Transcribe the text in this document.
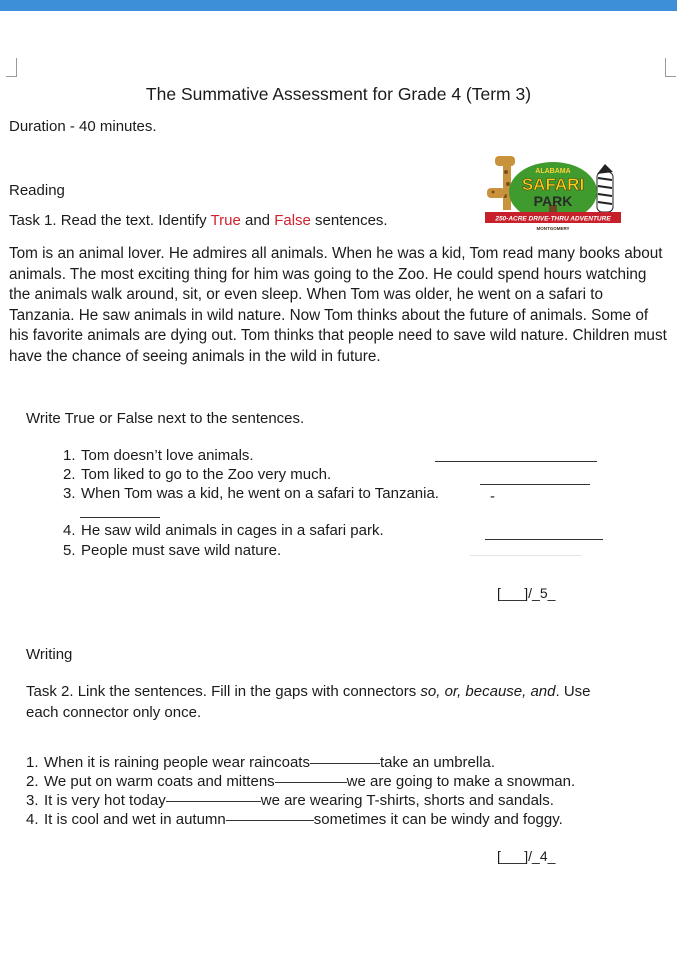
The Summative Assessment for Grade 4 (Term 3)
Duration - 40 minutes.
ALABAMA
SAFARI
PARK
250-ACRE DRIVE-THRU ADVENTURE
MONTGOMERY
Reading
Task 1. Read the text. Identify True and False sentences.
Tom is an animal lover. He admires all animals. When he was a kid, Tom read many books about animals. The most exciting thing for him was going to the Zoo. He could spend hours watching the animals walk around, sit, or even sleep. When Tom was older, he went on a safari to Tanzania. He saw animals in wild nature. Now Tom thinks about the future of animals. Some of his favorite animals are dying out. Tom thinks that people need to save wild nature. Children must have the chance of seeing animals in the wild in future.
Write True or False next to the sentences.
1. Tom doesn’t love animals.
2. Tom liked to go to the Zoo very much.
3. When Tom was a kid, he went on a safari to Tanzania.	-
4. He saw wild animals in cages in a safari park.
5. People must save wild nature.
[___]/_5_
Writing
Task 2. Link the sentences. Fill in the gaps with connectors so, or, because, and. Use
each connector only once.
1. When it is raining people wear raincoats	take an umbrella.
2. We put on warm coats and mittens	we are going to make a snowman.
3. It is very hot today	we are wearing T-shirts, shorts and sandals.
4. It is cool and wet in autumn	sometimes it can be windy and foggy.
[___]/_4_
